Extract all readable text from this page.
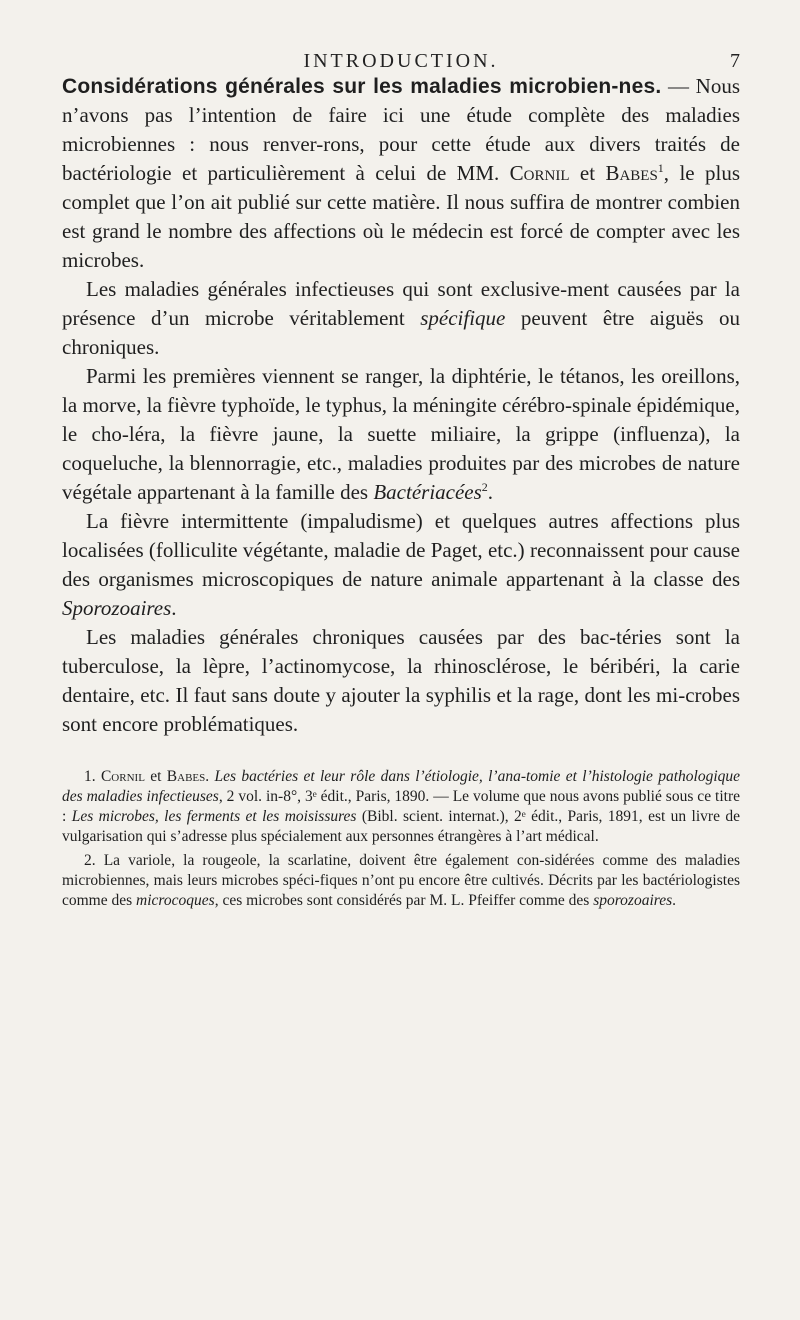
INTRODUCTION.	7

Considérations générales sur les maladies microbien-nes. — Nous n’avons pas l’intention de faire ici une étude complète des maladies microbiennes : nous renver-rons, pour cette étude aux divers traités de bactériologie et particulièrement à celui de MM. Cornil et Babes$^1$, le plus complet que l’on ait publié sur cette matière. Il nous suffira de montrer combien est grand le nombre des affections où le médecin est forcé de compter avec les microbes.

Les maladies générales infectieuses qui sont exclusive-ment causées par la présence d’un microbe véritablement spécifique peuvent être aiguës ou chroniques.

Parmi les premières viennent se ranger, la diphtérie, le tétanos, les oreillons, la morve, la fièvre typhoïde, le typhus, la méningite cérébro-spinale épidémique, le cho-léra, la fièvre jaune, la suette miliaire, la grippe (influenza), la coqueluche, la blennorragie, etc., maladies produites par des microbes de nature végétale appartenant à la famille des Bactériacées$^2$.

La fièvre intermittente (impaludisme) et quelques autres affections plus localisées (folliculite végétante, maladie de Paget, etc.) reconnaissent pour cause des organismes microscopiques de nature animale appartenant à la classe des Sporozoaires.

Les maladies générales chroniques causées par des bac-téries sont la tuberculose, la lèpre, l’actinomycose, la rhinosclérose, le béribéri, la carie dentaire, etc. Il faut sans doute y ajouter la syphilis et la rage, dont les mi-crobes sont encore problématiques.

1. Cornil et Babes. Les bactéries et leur rôle dans l’étiologie, l’ana-tomie et l’histologie pathologique des maladies infectieuses, 2 vol. in-8°, 3ᵉ édit., Paris, 1890. — Le volume que nous avons publié sous ce titre : Les microbes, les ferments et les moisissures (Bibl. scient. internat.), 2ᵉ édit., Paris, 1891, est un livre de vulgarisation qui s’adresse plus spécialement aux personnes étrangères à l’art médical.

2. La variole, la rougeole, la scarlatine, doivent être également con-sidérées comme des maladies microbiennes, mais leurs microbes spéci-fiques n’ont pu encore être cultivés. Décrits par les bactériologistes comme des microcoques, ces microbes sont considérés par M. L. Pfeiffer comme des sporozoaires.
